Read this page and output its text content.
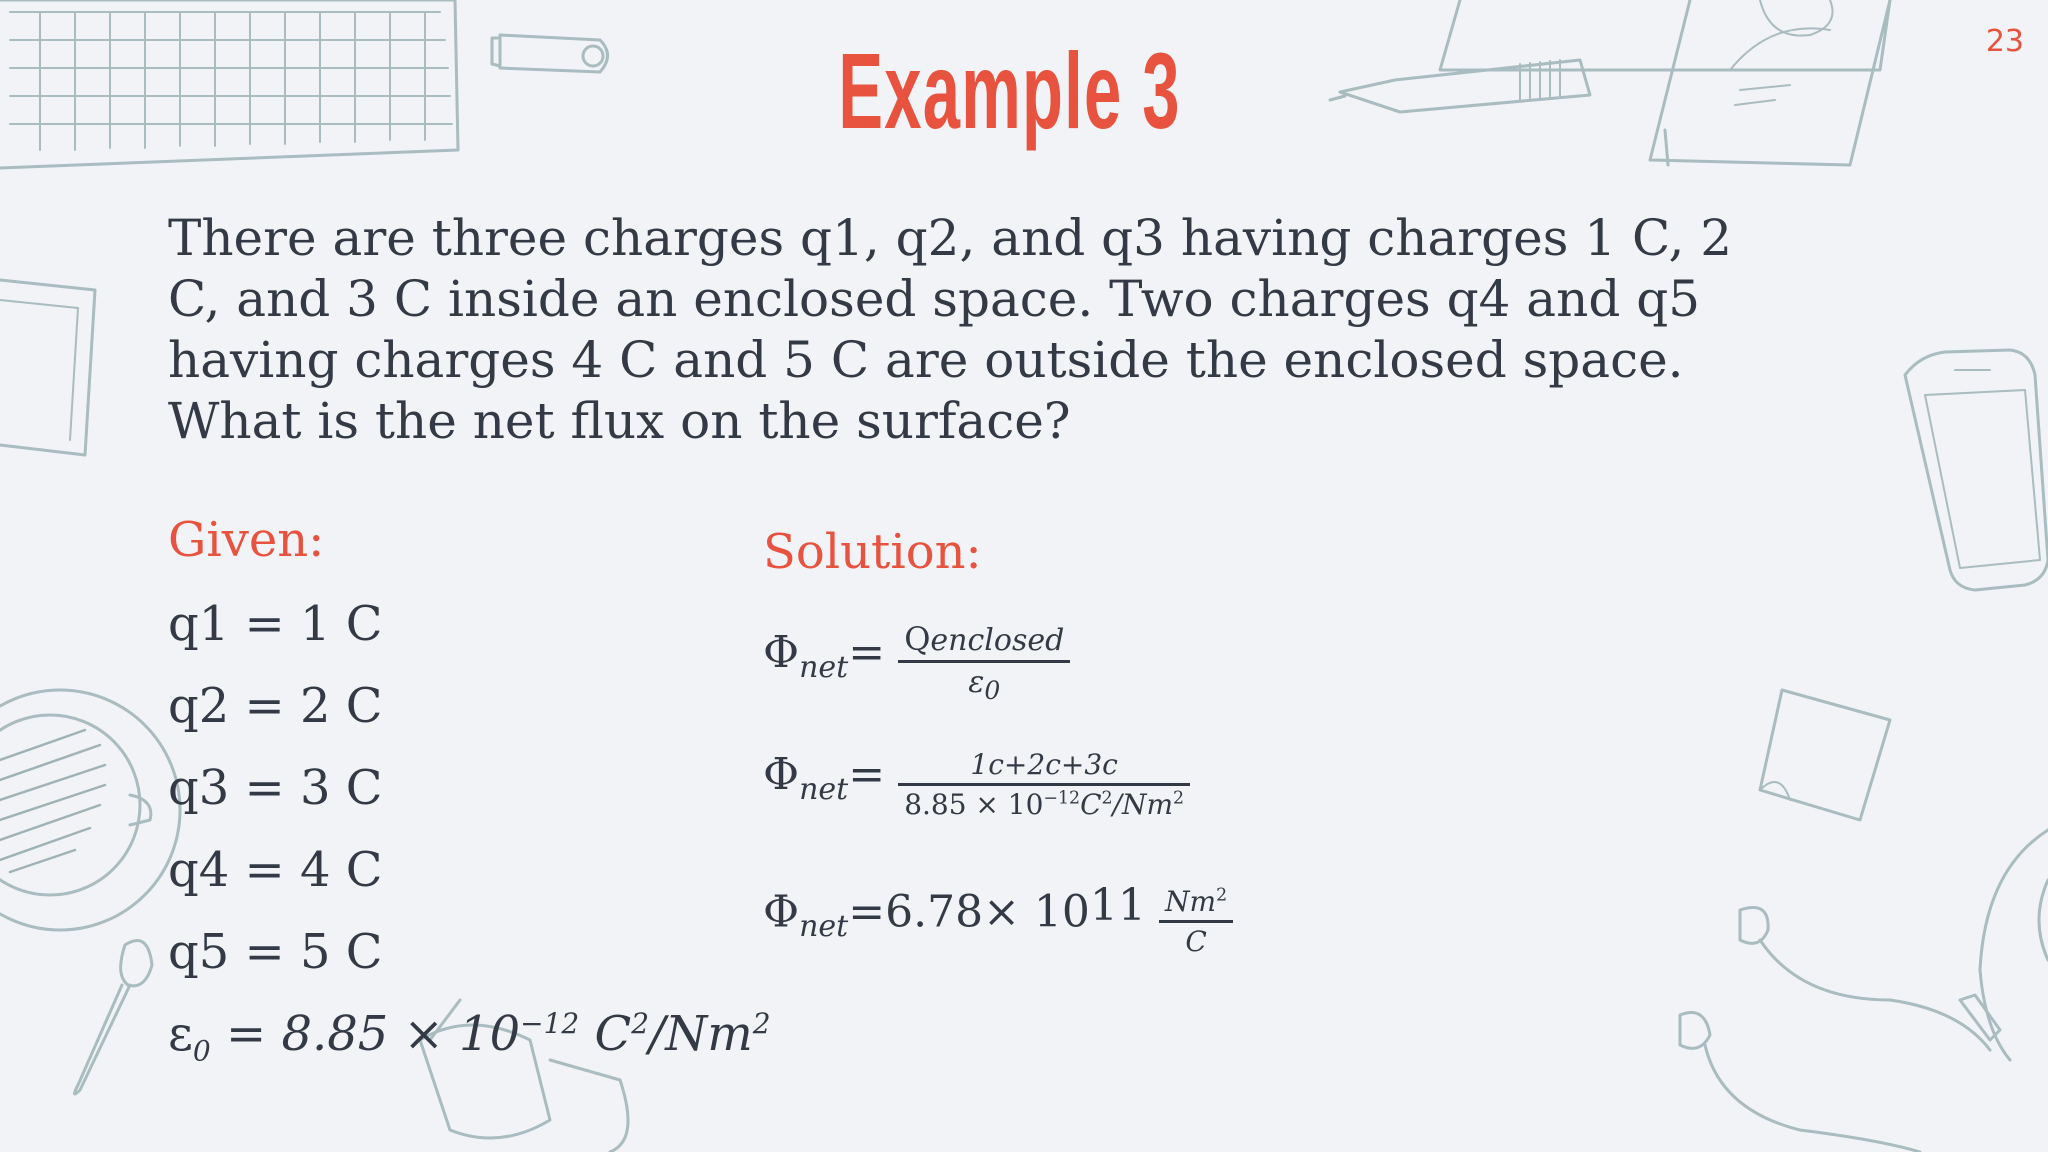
Example 3	23
There are three charges q1, q2, and q3 having charges 1 C, 2 C, and 3 C inside an enclosed space. Two charges q4 and q5 having charges 4 C and 5 C are outside the enclosed space. What is the net flux on the surface?
Given:
q1 = 1 C
q2 = 2 C
q3 = 3 C
q4 = 4 C
q5 = 5 C
$\varepsilon_0 = 8.85 \times 10^{-12}$ $C^2/Nm^2$
Solution:
$\Phi_{net}= \frac{\text{Qenclosed}}{\varepsilon_0}$
$\Phi_{net}= \frac{1c+2c+3c}{8.85 \times 10^{-12}C^2/Nm^2}$
$\Phi_{net}=6.78\times 10^{11} \frac{Nm^2}{C}$
